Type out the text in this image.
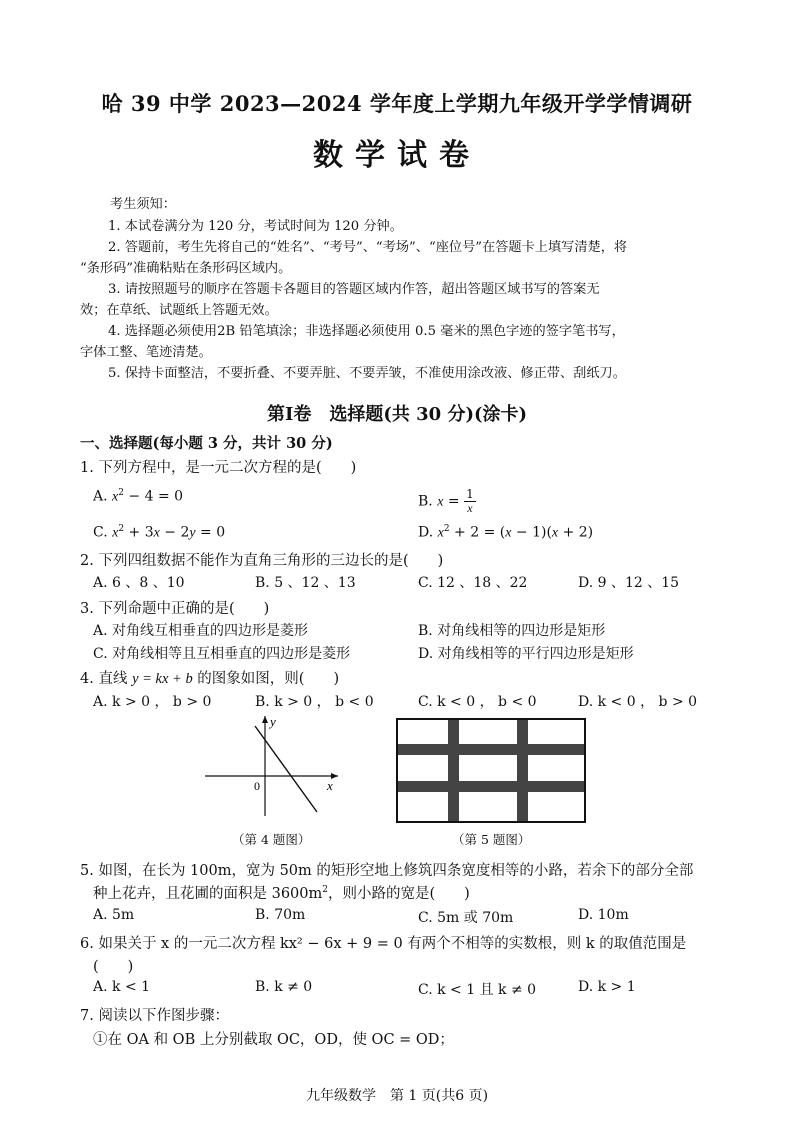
哈 39 中学 2023—2024 学年度上学期九年级开学学情调研
数学试卷
考生须知：
1. 本试卷满分为 120 分，考试时间为 120 分钟。
2. 答题前，考生先将自己的“姓名”、“考号”、“考场”、“座位号”在答题卡上填写清楚，将
“条形码”准确粘贴在条形码区域内。
3. 请按照题号的顺序在答题卡各题目的答题区域内作答，超出答题区域书写的答案无
效；在草纸、试题纸上答题无效。
4. 选择题必须使用2B 铅笔填涂；非选择题必须使用 0.5 毫米的黑色字迹的签字笔书写，
字体工整、笔迹清楚。
5. 保持卡面整洁，不要折叠、不要弄脏、不要弄皱，不准使用涂改液、修正带、刮纸刀。
第Ⅰ卷　选择题(共 30 分)(涂卡)
一、选择题(每小题 3 分，共计 30 分)
1. 下列方程中，是一元二次方程的是(　　)
A. $x^2 - 4 = 0$	B. $x = \frac{1}{x}$
C. $x^2 + 3x - 2y = 0$	D. $x^2 + 2 = (x - 1)(x + 2)$
2. 下列四组数据不能作为直角三角形的三边长的是(　　)
A. 6 、8 、10	B. 5 、12 、13	C. 12 、18 、22	D. 9 、12 、15
3. 下列命题中正确的是(　　)
A. 对角线互相垂直的四边形是菱形	B. 对角线相等的四边形是矩形
C. 对角线相等且互相垂直的四边形是菱形	D. 对角线相等的平行四边形是矩形
4. 直线 y = kx + b 的图象如图，则(　　)
A. k > 0 ， b > 0	B. k > 0 ， b < 0	C. k < 0 ， b < 0	D. k < 0 ， b > 0
y
x
0
（第 4 题图）	（第 5 题图）
5. 如图，在长为 100m，宽为 50m 的矩形空地上修筑四条宽度相等的小路，若余下的部分全部
种上花卉，且花圃的面积是 $3600m^2$，则小路的宽是(　　)
A. 5m	B. 70m	C. 5m 或 70m	D. 10m
6. 如果关于 x 的一元二次方程 kx² − 6x + 9 = 0 有两个不相等的实数根，则 k 的取值范围是
(　　)
A. k < 1	B. k ≠ 0	C. k < 1 且 k ≠ 0	D. k > 1
7. 阅读以下作图步骤：
①在 OA 和 OB 上分别截取 OC，OD，使 OC = OD；
九年级数学　第 1 页(共6 页)
